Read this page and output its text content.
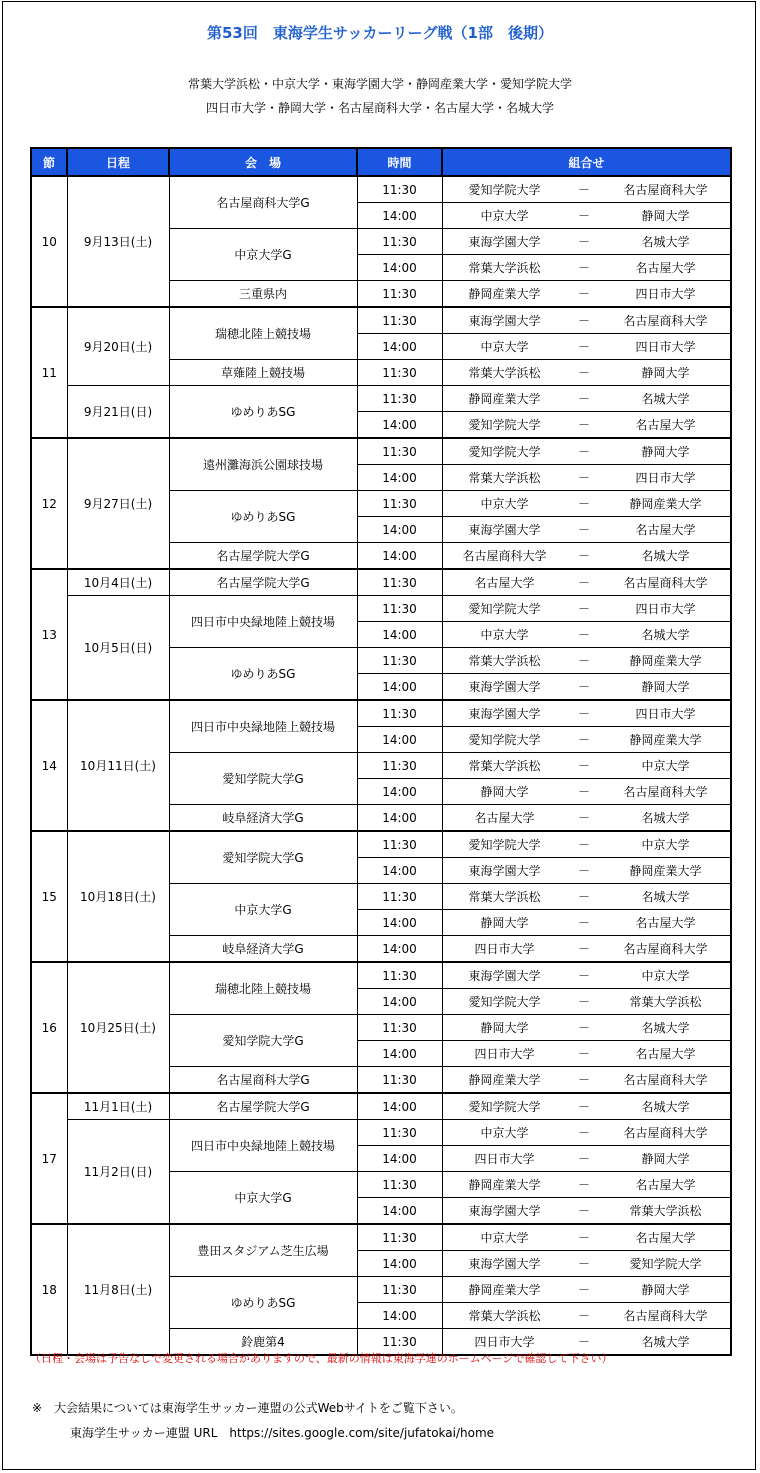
第53回　東海学生サッカーリーグ戦（1部　後期）
常葉大学浜松・中京大学・東海学園大学・静岡産業大学・愛知学院大学
四日市大学・静岡大学・名古屋商科大学・名古屋大学・名城大学
節	日程	会　場	時間	組合せ
10	9月13日(土)	名古屋商科大学G	11:30	愛知学院大学 － 名古屋商科大学

			14:00	中京大学 － 静岡大学

		中京大学G	11:30	東海学園大学 － 名城大学

			14:00	常葉大学浜松 － 名古屋大学

		三重県内	11:30	静岡産業大学 － 四日市大学

11	9月20日(土)	瑞穂北陸上競技場	11:30	東海学園大学 － 名古屋商科大学

			14:00	中京大学 － 四日市大学

		草薙陸上競技場	11:30	常葉大学浜松 － 静岡大学

	9月21日(日)	ゆめりあSG	11:30	静岡産業大学 － 名城大学

			14:00	愛知学院大学 － 名古屋大学

12	9月27日(土)	遠州灘海浜公園球技場	11:30	愛知学院大学 － 静岡大学

			14:00	常葉大学浜松 － 四日市大学

		ゆめりあSG	11:30	中京大学 － 静岡産業大学

			14:00	東海学園大学 － 名古屋大学

		名古屋学院大学G	14:00	名古屋商科大学 － 名城大学

13	10月4日(土)	名古屋学院大学G	11:30	名古屋大学 － 名古屋商科大学

	10月5日(日)	四日市中央緑地陸上競技場	11:30	愛知学院大学 － 四日市大学

			14:00	中京大学 － 名城大学

		ゆめりあSG	11:30	常葉大学浜松 － 静岡産業大学

			14:00	東海学園大学 － 静岡大学

14	10月11日(土)	四日市中央緑地陸上競技場	11:30	東海学園大学 － 四日市大学

			14:00	愛知学院大学 － 静岡産業大学

		愛知学院大学G	11:30	常葉大学浜松 － 中京大学

			14:00	静岡大学 － 名古屋商科大学

		岐阜経済大学G	14:00	名古屋大学 － 名城大学

15	10月18日(土)	愛知学院大学G	11:30	愛知学院大学 － 中京大学

			14:00	東海学園大学 － 静岡産業大学

		中京大学G	11:30	常葉大学浜松 － 名城大学

			14:00	静岡大学 － 名古屋大学

		岐阜経済大学G	14:00	四日市大学 － 名古屋商科大学

16	10月25日(土)	瑞穂北陸上競技場	11:30	東海学園大学 － 中京大学

			14:00	愛知学院大学 － 常葉大学浜松

		愛知学院大学G	11:30	静岡大学 － 名城大学

			14:00	四日市大学 － 名古屋大学

		名古屋商科大学G	11:30	静岡産業大学 － 名古屋商科大学

17	11月1日(土)	名古屋学院大学G	14:00	愛知学院大学 － 名城大学

	11月2日(日)	四日市中央緑地陸上競技場	11:30	中京大学 － 名古屋商科大学

			14:00	四日市大学 － 静岡大学

		中京大学G	11:30	静岡産業大学 － 名古屋大学

			14:00	東海学園大学 － 常葉大学浜松

18	11月8日(土)	豊田スタジアム芝生広場	11:30	中京大学 － 名古屋大学

			14:00	東海学園大学 － 愛知学院大学

		ゆめりあSG	11:30	静岡産業大学 － 静岡大学

			14:00	常葉大学浜松 － 名古屋商科大学

		鈴鹿第4	11:30	四日市大学 － 名城大学
（日程・会場は予告なしで変更される場合がありますので、最新の情報は東海学連のホームページで確認して下さい）
※　大会結果については東海学生サッカー連盟の公式Webサイトをご覧下さい。
東海学生サッカー連盟 URL　https://sites.google.com/site/jufatokai/home
